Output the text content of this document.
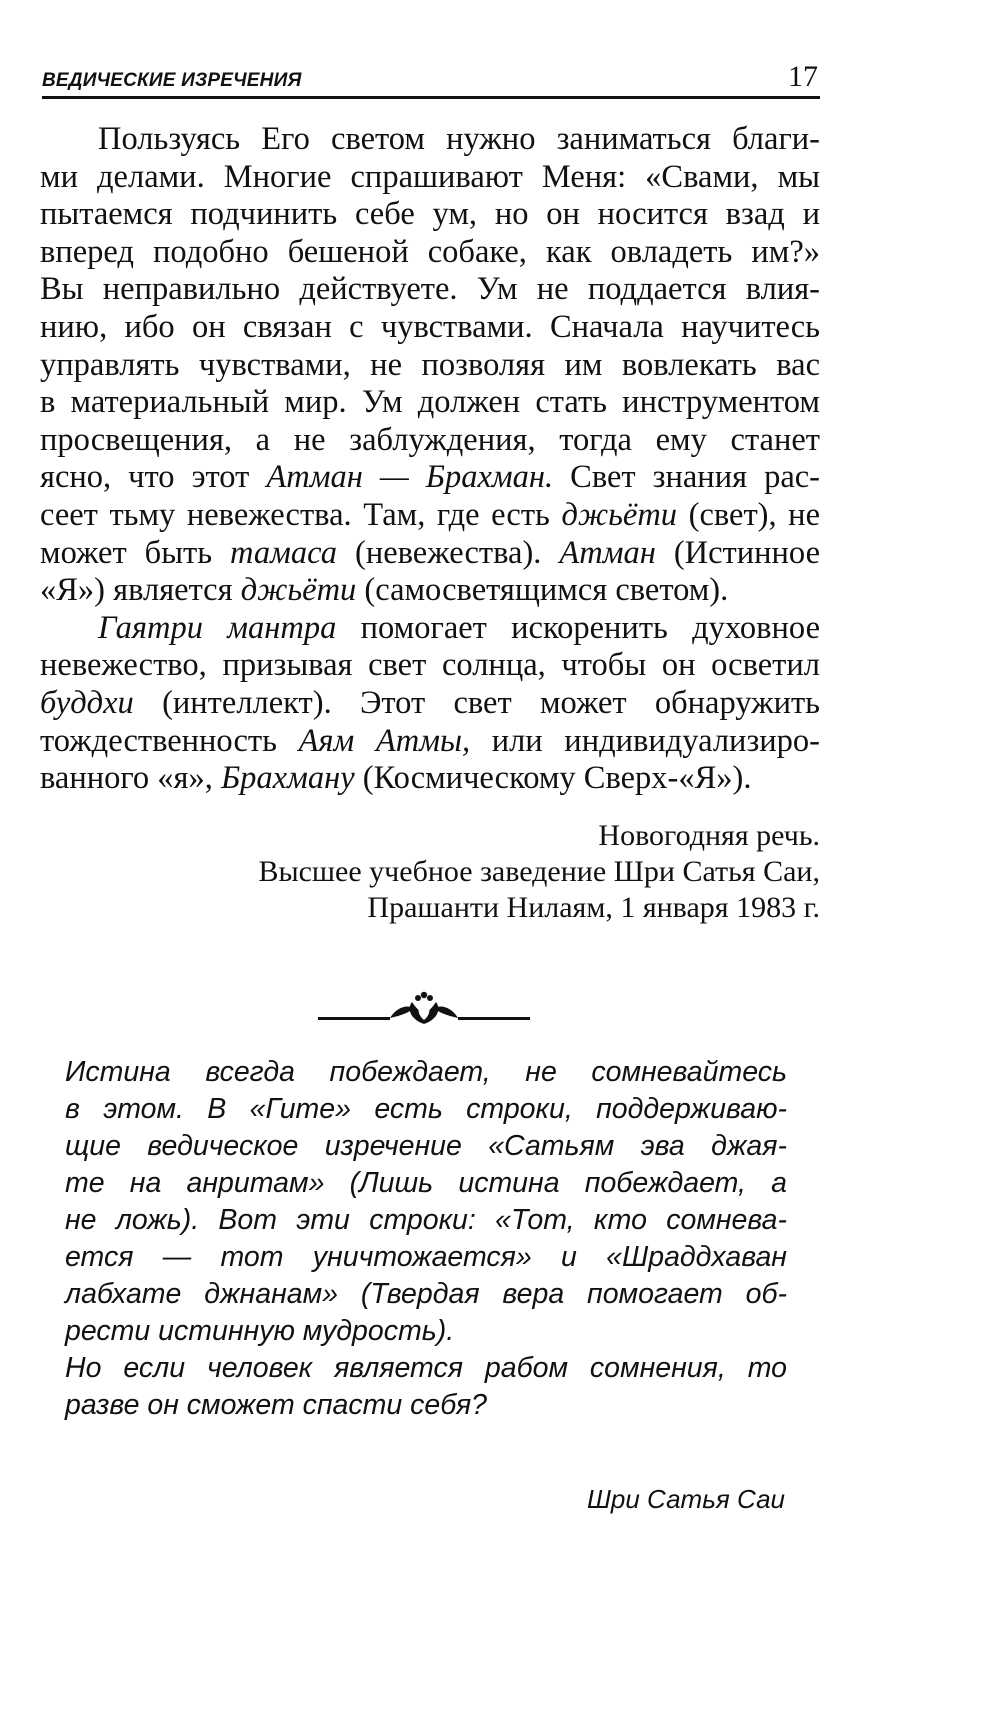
ВЕДИЧЕСКИЕ ИЗРЕЧЕНИЯ	17
Пользуясь Его светом нужно заниматься благи-
ми делами. Многие спрашивают Меня: «Свами, мы
пытаемся подчинить себе ум, но он носится взад и
вперед подобно бешеной собаке, как овладеть им?»
Вы неправильно действуете. Ум не поддается влия-
нию, ибо он связан с чувствами. Сначала научитесь
управлять чувствами, не позволяя им вовлекать вас
в материальный мир. Ум должен стать инструментом
просвещения, а не заблуждения, тогда ему станет
ясно, что этот Атман — Брахман. Свет знания рас-
сеет тьму невежества. Там, где есть джьёти (свет), не
может быть тамаса (невежества). Атман (Истинное
«Я») является джьёти (самосветящимся светом).
Гаятри мантра помогает искоренить духовное
невежество, призывая свет солнца, чтобы он осветил
буддхи (интеллект). Этот свет может обнаружить
тождественность Аям Атмы, или индивидуализиро-
ванного «я», Брахману (Космическому Сверх-«Я»).
Новогодняя речь.
Высшее учебное заведение Шри Сатья Саи,
Прашанти Нилаям, 1 января 1983 г.
Истина всегда побеждает, не сомневайтесь
в этом. В «Гите» есть строки, поддерживаю-
щие ведическое изречение «Сатьям эва джая-
те на анритам» (Лишь истина побеждает, а
не ложь). Вот эти строки: «Тот, кто сомнева-
ется — тот уничтожается» и «Шраддхаван
лабхате джнанам» (Твердая вера помогает об-
рести истинную мудрость).
Но если человек является рабом сомнения, то
разве он сможет спасти себя?
Шри Сатья Саи
